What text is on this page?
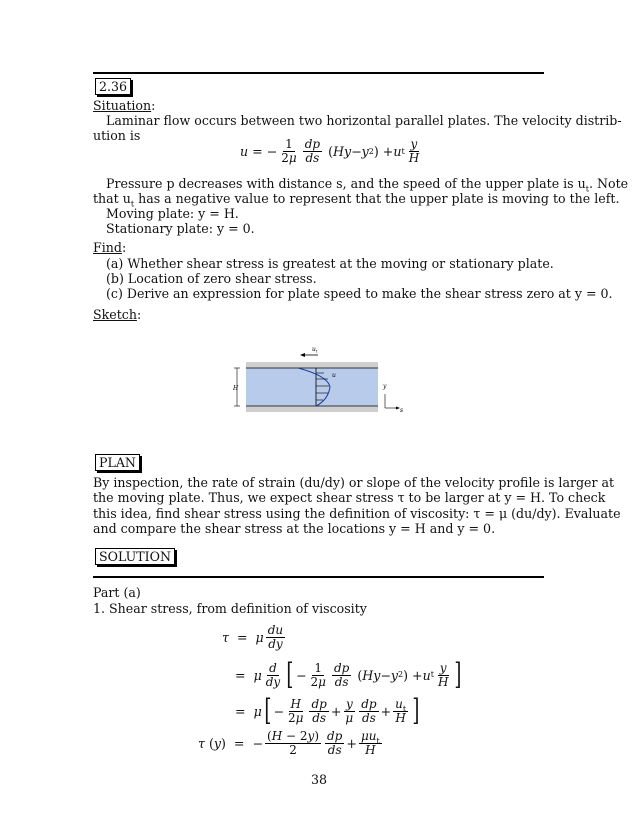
2.36
Situation:
Laminar flow occurs between two horizontal parallel plates. The velocity distrib-
ution is
u = − $\frac{1}{2\mu} \frac{dp}{ds}$ ( Hy − y 2 ) + u t $\frac{y}{H}$
Pressure p decreases with distance s, and the speed of the upper plate is $u_t$. Note
that $u_t$ has a negative value to represent that the upper plate is moving to the left.
Moving plate: y = H.
Stationary plate: y = 0.
Find:
(a) Whether shear stress is greatest at the moving or stationary plate.
(b) Location of zero shear stress.
(c) Derive an expression for plate speed to make the shear stress zero at y = 0.
Sketch:
$u_t$
H
u
y
s
PLAN
By inspection, the rate of strain (du/dy) or slope of the velocity profile is larger at
the moving plate. Thus, we expect shear stress τ to be larger at y = H. To check
this idea, find shear stress using the definition of viscosity: τ = μ (du/dy). Evaluate
and compare the shear stress at the locations y = H and y = 0.
SOLUTION
Part (a)
1. Shear stress, from definition of viscosity
τ = μ $\frac{du}{dy}$
= μ $\frac{d}{dy}$ [ − $\frac{1}{2\mu} \frac{dp}{ds}$ ( Hy − y 2 ) + u t $\frac{y}{H}$ ]
= μ [ − $\frac{H}{2\mu} \frac{dp}{ds} + \frac{y}{\mu} \frac{dp}{ds} + \frac{u_t}{H}$ ]
τ ( y )  =  − $\frac{(H - 2y)}{2} \frac{dp}{ds} + \frac{\mu u_t}{H}$
38
